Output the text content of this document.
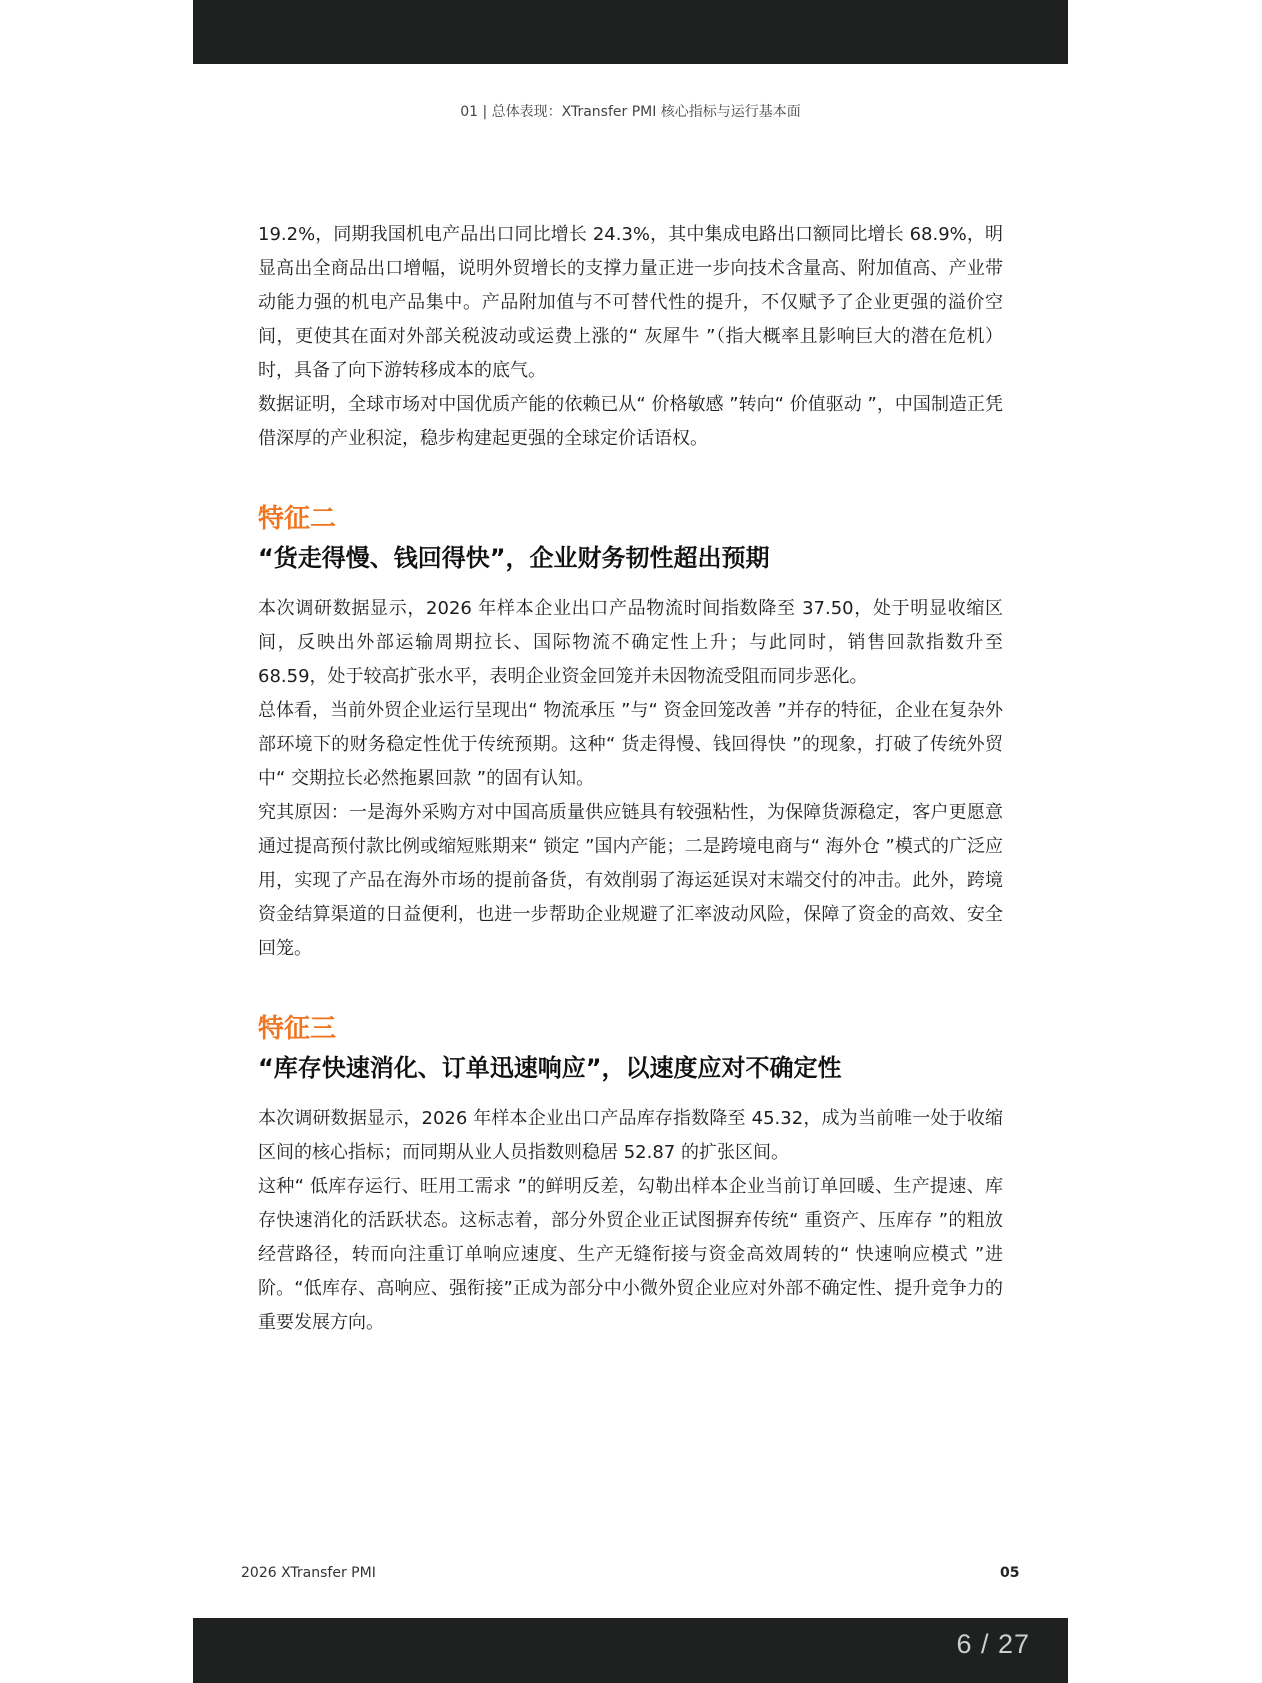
01 | 总体表现：XTransfer PMI 核心指标与运行基本面

19.2%，同期我国机电产品出口同比增长 24.3%，其中集成电路出口额同比增长 68.9%，明显高出全商品出口增幅，说明外贸增长的支撑力量正进一步向技术含量高、附加值高、产业带动能力强的机电产品集中。产品附加值与不可替代性的提升，不仅赋予了企业更强的溢价空间，更使其在面对外部关税波动或运费上涨的“ 灰犀牛 ”（指大概率且影响巨大的潜在危机）时，具备了向下游转移成本的底气。

数据证明，全球市场对中国优质产能的依赖已从“ 价格敏感 ”转向“ 价值驱动 ”，中国制造正凭借深厚的产业积淀，稳步构建起更强的全球定价话语权。

特征二

“货走得慢、钱回得快”，企业财务韧性超出预期

本次调研数据显示，2026 年样本企业出口产品物流时间指数降至 37.50，处于明显收缩区间，反映出外部运输周期拉长、国际物流不确定性上升；与此同时，销售回款指数升至 68.59，处于较高扩张水平，表明企业资金回笼并未因物流受阻而同步恶化。

总体看，当前外贸企业运行呈现出“ 物流承压 ”与“ 资金回笼改善 ”并存的特征，企业在复杂外部环境下的财务稳定性优于传统预期。这种“ 货走得慢、钱回得快 ”的现象，打破了传统外贸中“ 交期拉长必然拖累回款 ”的固有认知。

究其原因：一是海外采购方对中国高质量供应链具有较强粘性，为保障货源稳定，客户更愿意通过提高预付款比例或缩短账期来“ 锁定 ”国内产能；二是跨境电商与“ 海外仓 ”模式的广泛应用，实现了产品在海外市场的提前备货，有效削弱了海运延误对末端交付的冲击。此外，跨境资金结算渠道的日益便利，也进一步帮助企业规避了汇率波动风险，保障了资金的高效、安全回笼。

特征三

“库存快速消化、订单迅速响应”，以速度应对不确定性

本次调研数据显示，2026 年样本企业出口产品库存指数降至 45.32，成为当前唯一处于收缩区间的核心指标；而同期从业人员指数则稳居 52.87 的扩张区间。

这种“ 低库存运行、旺用工需求 ”的鲜明反差，勾勒出样本企业当前订单回暖、生产提速、库存快速消化的活跃状态。这标志着，部分外贸企业正试图摒弃传统“ 重资产、压库存 ”的粗放经营路径，转而向注重订单响应速度、生产无缝衔接与资金高效周转的“ 快速响应模式 ”进阶。“低库存、高响应、强衔接”正成为部分中小微外贸企业应对外部不确定性、提升竞争力的重要发展方向。

2026 XTransfer PMI	05
6 / 27
